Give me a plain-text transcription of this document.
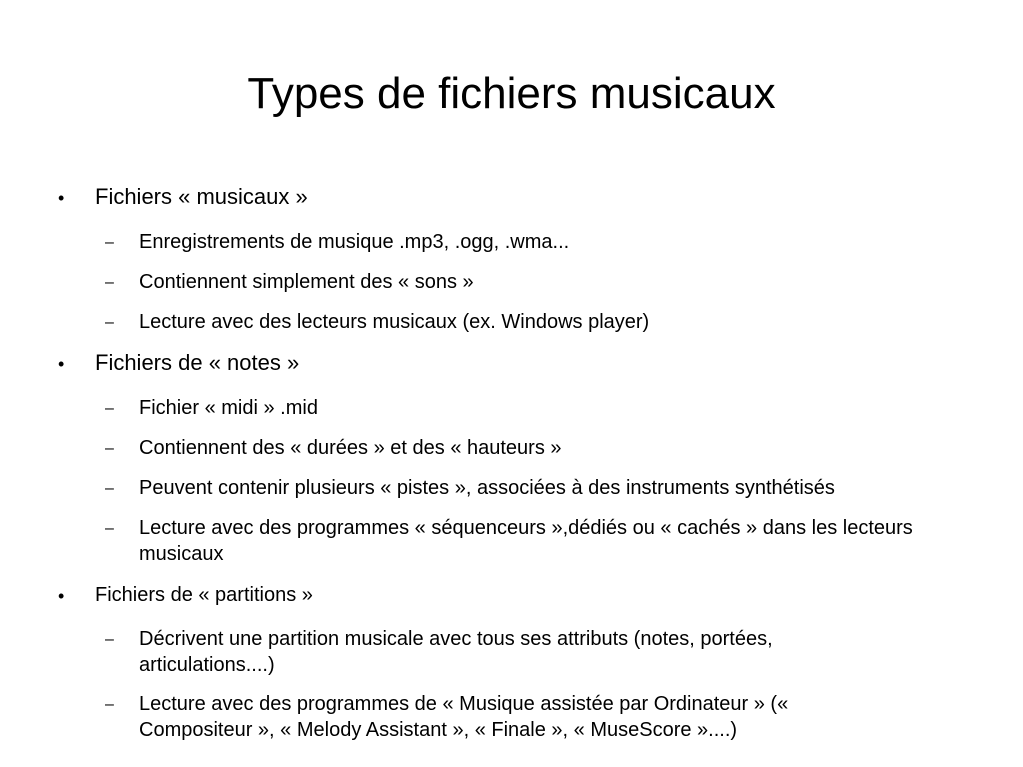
Types de fichiers musicaux
• Fichiers « musicaux »
– Enregistrements de musique .mp3, .ogg, .wma...
– Contiennent simplement des « sons »
– Lecture avec des lecteurs musicaux (ex. Windows player)
• Fichiers de « notes »
– Fichier « midi » .mid
– Contiennent des « durées » et des « hauteurs »
– Peuvent contenir plusieurs « pistes », associées à des instruments synthétisés
– Lecture avec des programmes « séquenceurs »,dédiés ou « cachés » dans les lecteurs musicaux
• Fichiers de « partitions »
– Décrivent une partition musicale avec tous ses attributs (notes, portées, articulations....)
– Lecture avec des programmes de « Musique assistée par Ordinateur » (« Compositeur », « Melody Assistant », « Finale », « MuseScore »....)
